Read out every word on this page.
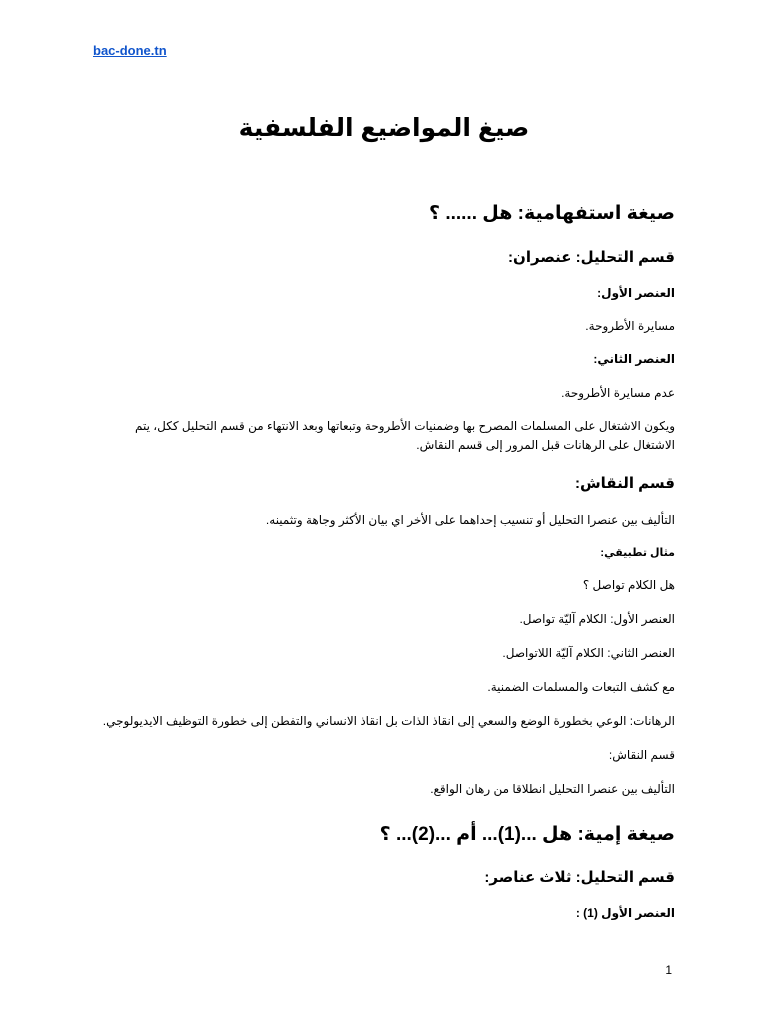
bac-done.tn
صيغ المواضيع الفلسفية
صيغة استفهامية: هل ...... ؟
قسم التحليل: عنصران:
العنصر الأول:
مسايرة الأطروحة.
العنصر الثاني:
عدم مسايرة الأطروحة.
ويكون الاشتغال على المسلمات المصرح بها وضمنيات الأطروحة وتبعاتها وبعد الانتهاء من قسم التحليل ككل، يتم الاشتغال على الرهانات قبل المرور إلى قسم النقاش.
قسم النقاش:
التأليف بين عنصرا التحليل أو تنسيب إحداهما على الأخر اي بيان الأكثر وجاهة وتثمينه.
مثال تطبيقي:
هل الكلام تواصل ؟
العنصر الأول: الكلام آليّة تواصل.
العنصر الثاني: الكلام آليّة اللاتواصل.
مع كشف التبعات والمسلمات الضمنية.
الرهانات: الوعي بخطورة الوضع والسعي إلى انقاذ الذات بل انقاذ الانساني والتفطن إلى خطورة التوظيف الايديولوجي.
قسم النقاش:
التأليف بين عنصرا التحليل انطلاقا من رهان الواقع.
صيغة إمية: هل ...(1)... أم ...(2)... ؟
قسم التحليل: ثلاث عناصر:
العنصر الأول (1) :
1
